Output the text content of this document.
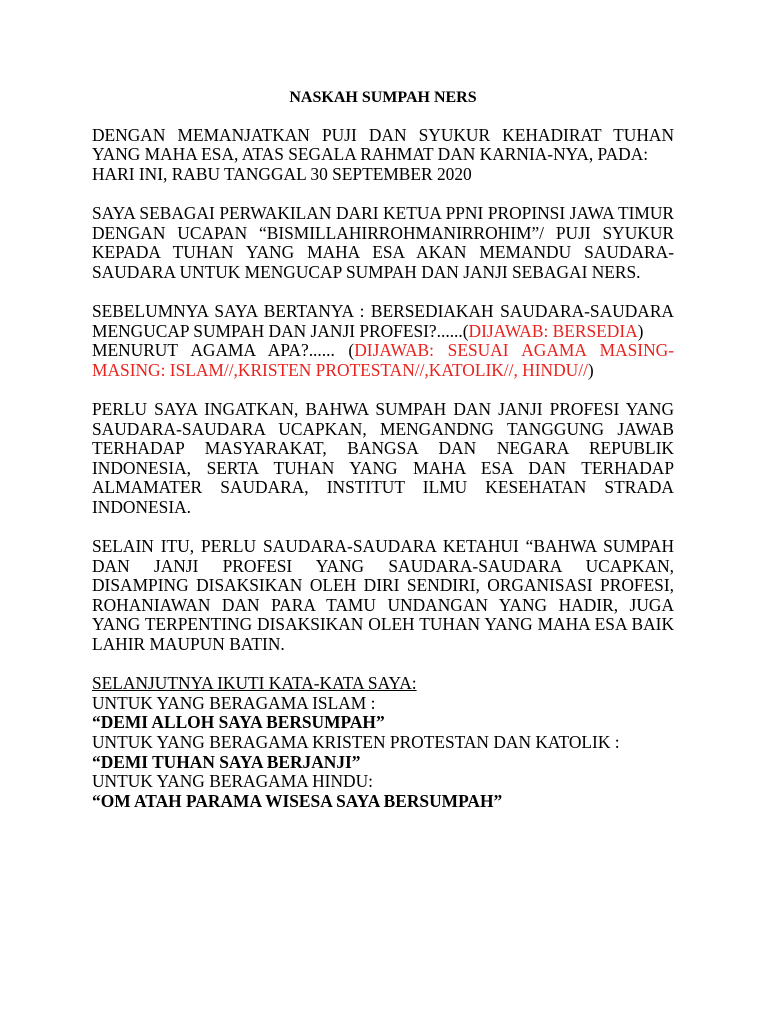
NASKAH SUMPAH NERS

DENGAN MEMANJATKAN PUJI DAN SYUKUR KEHADIRAT TUHAN YANG MAHA ESA, ATAS SEGALA RAHMAT DAN KARNIA-NYA, PADA:

HARI INI, RABU TANGGAL 30 SEPTEMBER 2020

SAYA SEBAGAI PERWAKILAN DARI KETUA PPNI PROPINSI JAWA TIMUR DENGAN UCAPAN “BISMILLAHIRROHMANIRROHIM”/ PUJI SYUKUR KEPADA TUHAN YANG MAHA ESA AKAN MEMANDU SAUDARA-SAUDARA UNTUK MENGUCAP SUMPAH DAN JANJI SEBAGAI NERS.

SEBELUMNYA SAYA BERTANYA : BERSEDIAKAH SAUDARA-SAUDARA MENGUCAP SUMPAH DAN JANJI PROFESI?......(DIJAWAB: BERSEDIA)

MENURUT AGAMA APA?...... (DIJAWAB: SESUAI AGAMA MASING-MASING: ISLAM//,KRISTEN PROTESTAN//,KATOLIK//, HINDU//)

PERLU SAYA INGATKAN, BAHWA SUMPAH DAN JANJI PROFESI YANG SAUDARA-SAUDARA UCAPKAN, MENGANDNG TANGGUNG JAWAB TERHADAP MASYARAKAT, BANGSA DAN NEGARA REPUBLIK INDONESIA, SERTA TUHAN YANG MAHA ESA DAN TERHADAP ALMAMATER SAUDARA, INSTITUT ILMU KESEHATAN STRADA INDONESIA.

SELAIN ITU, PERLU SAUDARA-SAUDARA KETAHUI “BAHWA SUMPAH DAN JANJI PROFESI YANG SAUDARA-SAUDARA UCAPKAN, DISAMPING DISAKSIKAN OLEH DIRI SENDIRI, ORGANISASI PROFESI, ROHANIAWAN DAN PARA TAMU UNDANGAN YANG HADIR, JUGA YANG TERPENTING DISAKSIKAN OLEH TUHAN YANG MAHA ESA BAIK LAHIR MAUPUN BATIN.

SELANJUTNYA IKUTI KATA-KATA SAYA:

UNTUK YANG BERAGAMA ISLAM :

“DEMI ALLOH SAYA BERSUMPAH”

UNTUK YANG BERAGAMA KRISTEN PROTESTAN DAN KATOLIK :

“DEMI TUHAN SAYA BERJANJI”

UNTUK YANG BERAGAMA HINDU:

“OM ATAH PARAMA WISESA SAYA BERSUMPAH”
